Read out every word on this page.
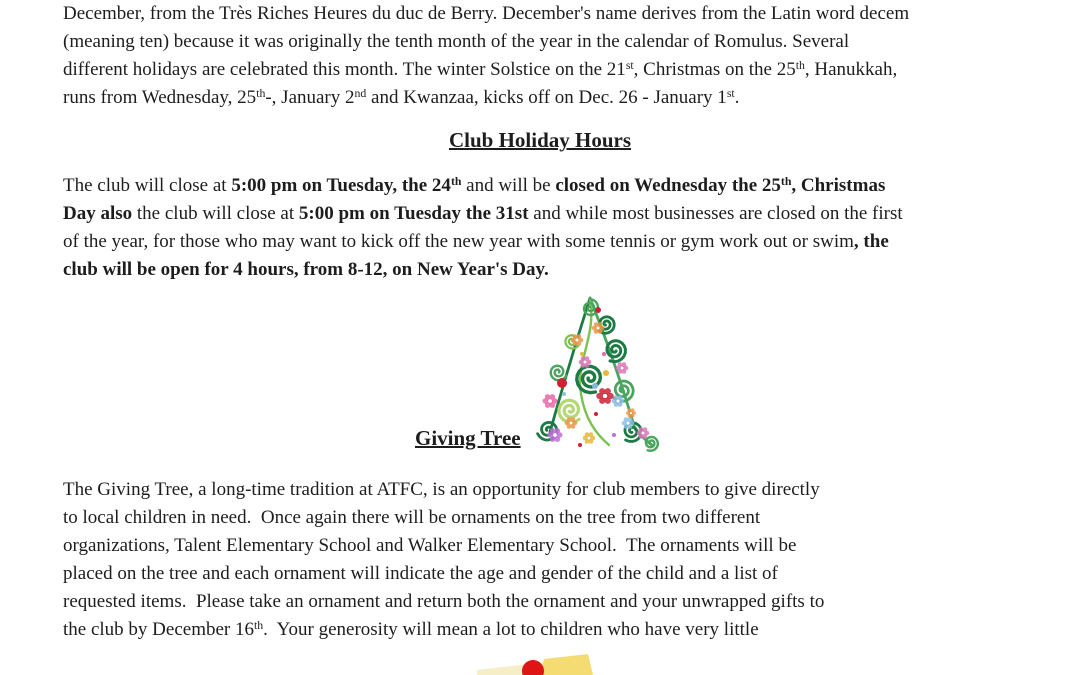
December, from the Très Riches Heures du duc de Berry. December's name derives from the Latin word decem
(meaning ten) because it was originally the tenth month of the year in the calendar of Romulus. Several
different holidays are celebrated this month. The winter Solstice on the 21st, Christmas on the 25th, Hanukkah,
runs from Wednesday, 25th-, January 2nd and Kwanzaa, kicks off on Dec. 26 - January 1st.
Club Holiday Hours
The club will close at 5:00 pm on Tuesday, the 24th and will be closed on Wednesday the 25th, Christmas
Day also the club will close at 5:00 pm on Tuesday the 31st and while most businesses are closed on the first
of the year, for those who may want to kick off the new year with some tennis or gym work out or swim, the
club will be open for 4 hours, from 8-12, on New Year's Day.
Giving Tree
The Giving Tree, a long-time tradition at ATFC, is an opportunity for club members to give directly
to local children in need.  Once again there will be ornaments on the tree from two different
organizations, Talent Elementary School and Walker Elementary School.  The ornaments will be
placed on the tree and each ornament will indicate the age and gender of the child and a list of
requested items.  Please take an ornament and return both the ornament and your unwrapped gifts to
the club by December 16th.  Your generosity will mean a lot to children who have very little
